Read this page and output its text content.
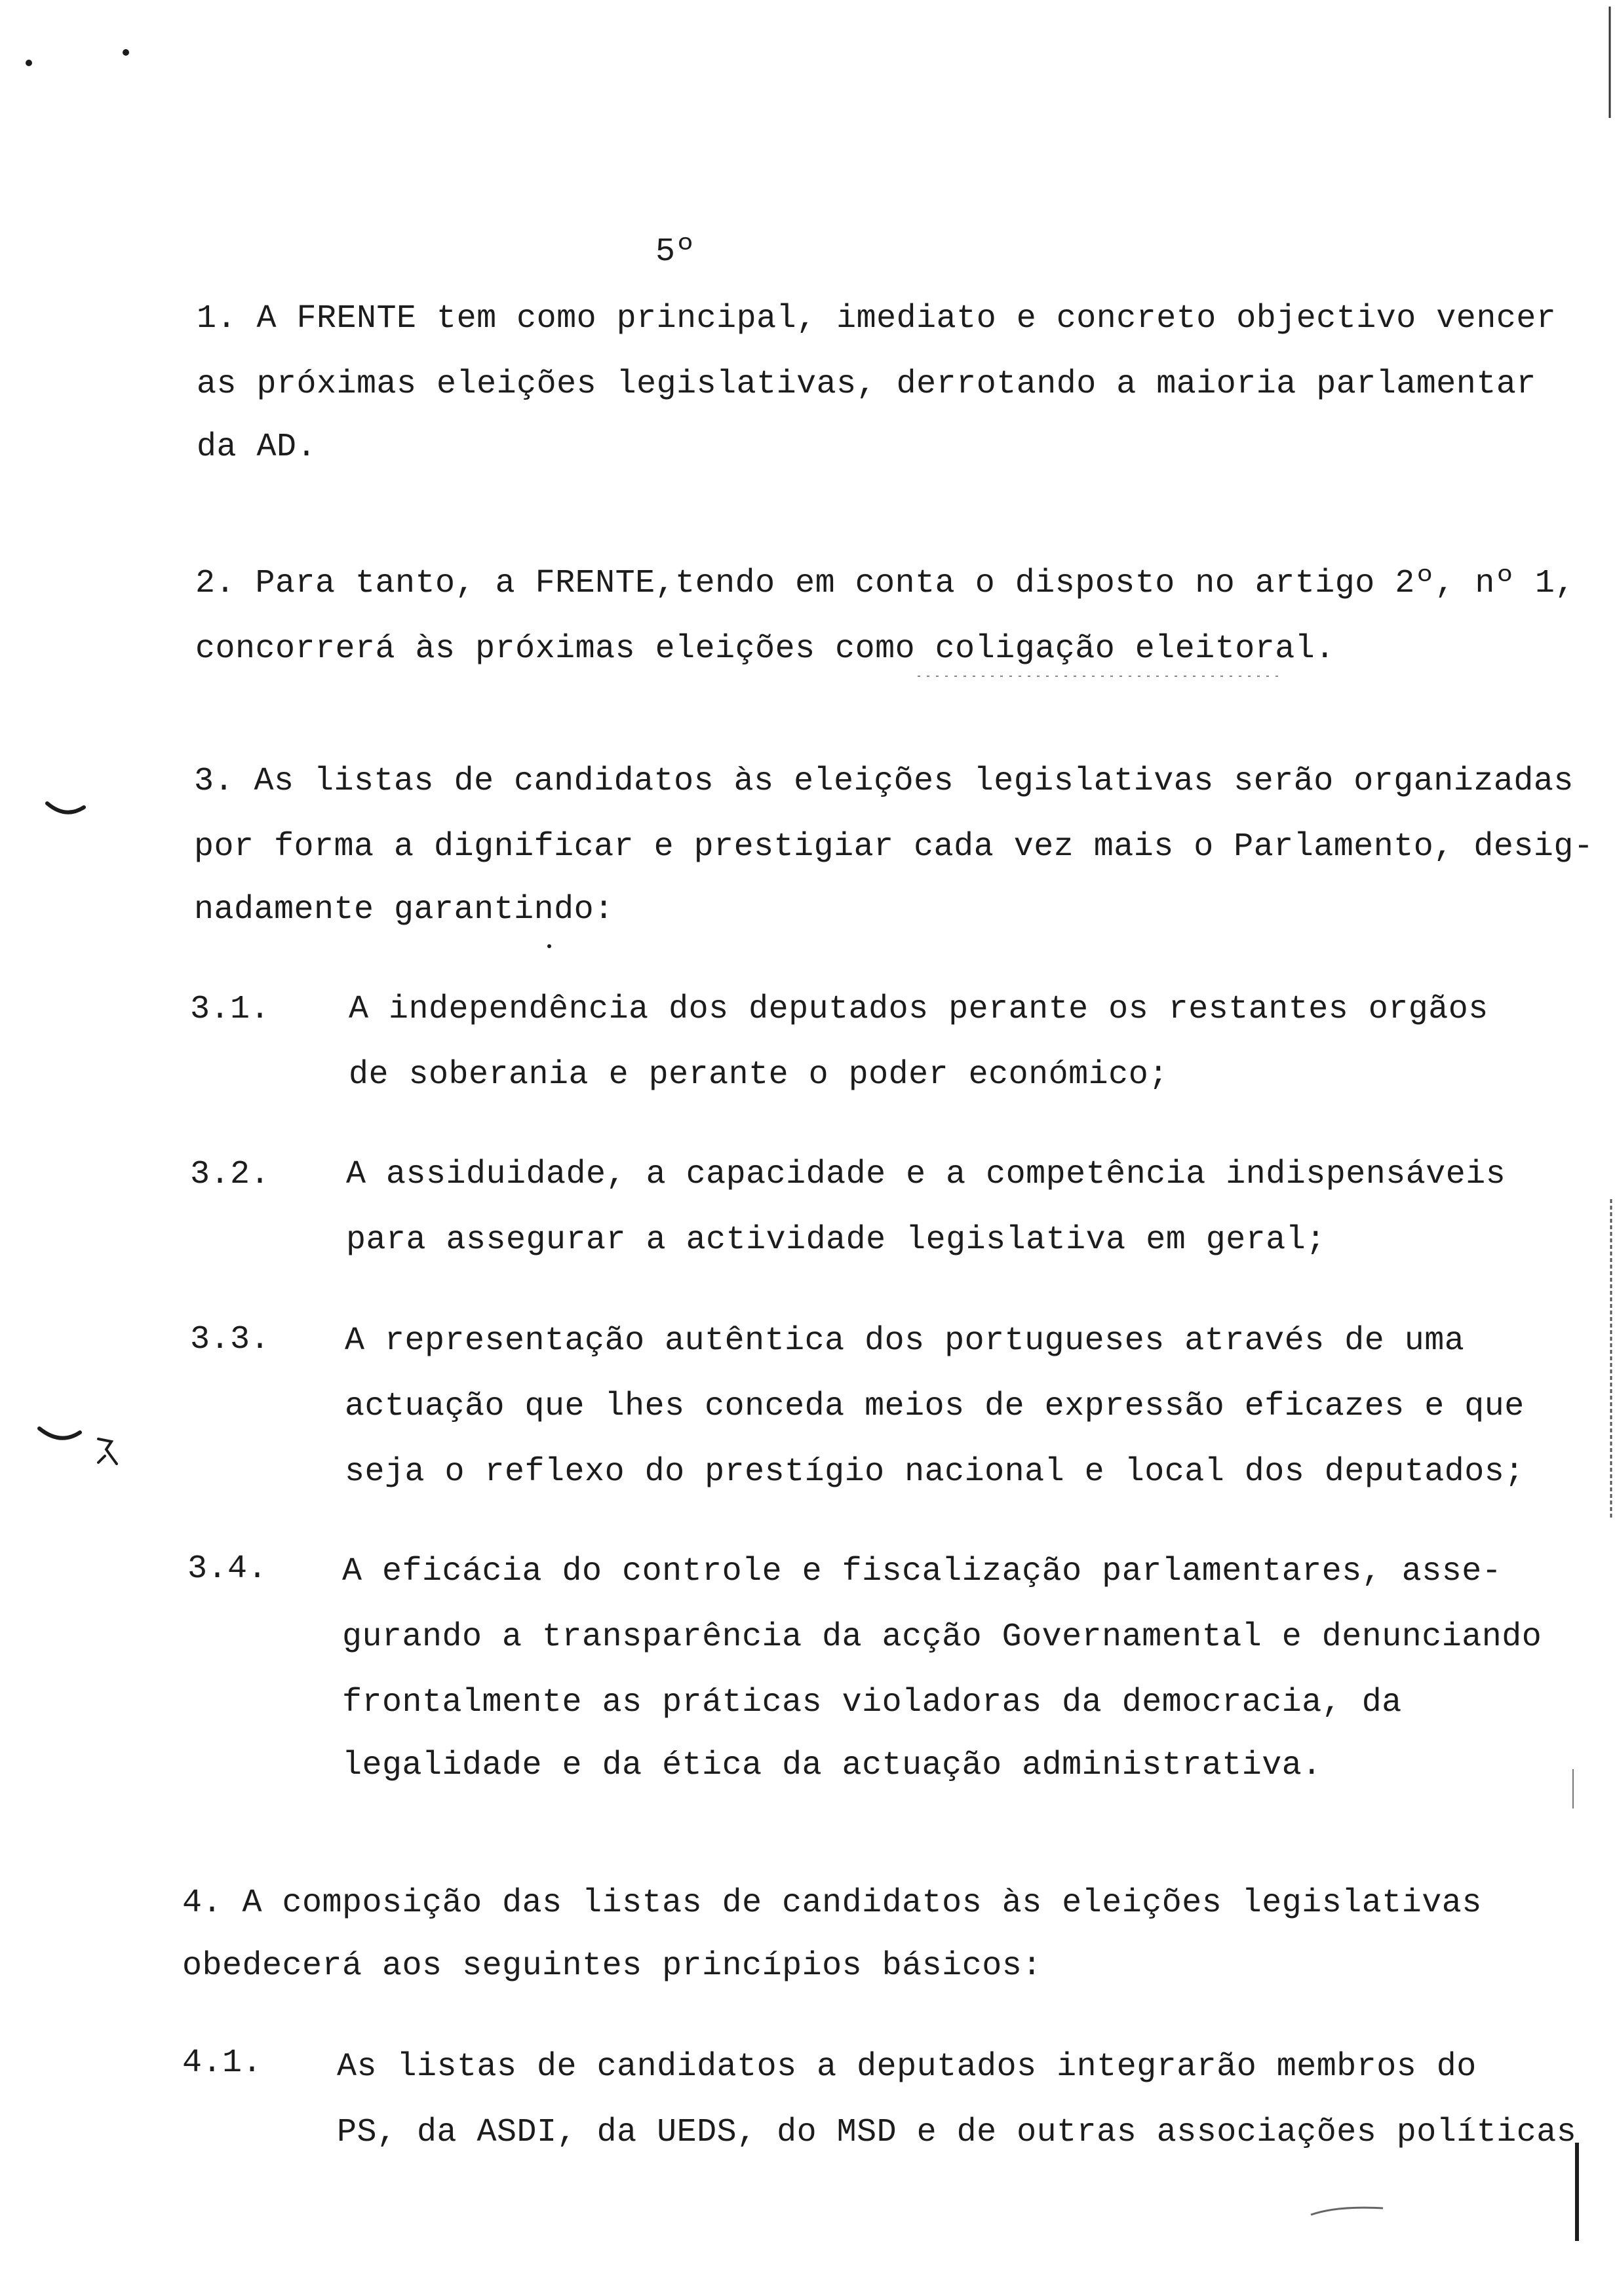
5º
1. A FRENTE tem como principal, imediato e concreto objectivo vencer
as próximas eleições legislativas, derrotando a maioria parlamentar
da AD.
2. Para tanto, a FRENTE,tendo em conta o disposto no artigo 2º, nº 1,
concorrerá às próximas eleições como coligação eleitoral.
3. As listas de candidatos às eleições legislativas serão organizadas
por forma a dignificar e prestigiar cada vez mais o Parlamento, desig-
nadamente garantindo:
3.1. A independência dos deputados perante os restantes orgãos
de soberania e perante o poder económico;
3.2. A assiduidade, a capacidade e a competência indispensáveis
para assegurar a actividade legislativa em geral;
3.3. A representação autêntica dos portugueses através de uma
actuação que lhes conceda meios de expressão eficazes e que
seja o reflexo do prestígio nacional e local dos deputados;
3.4. A eficácia do controle e fiscalização parlamentares, asse-
gurando a transparência da acção Governamental e denunciando
frontalmente as práticas violadoras da democracia, da
legalidade e da ética da actuação administrativa.
4. A composição das listas de candidatos às eleições legislativas
obedecerá aos seguintes princípios básicos:
4.1. As listas de candidatos a deputados integrarão membros do
PS, da ASDI, da UEDS, do MSD e de outras associações políticas
